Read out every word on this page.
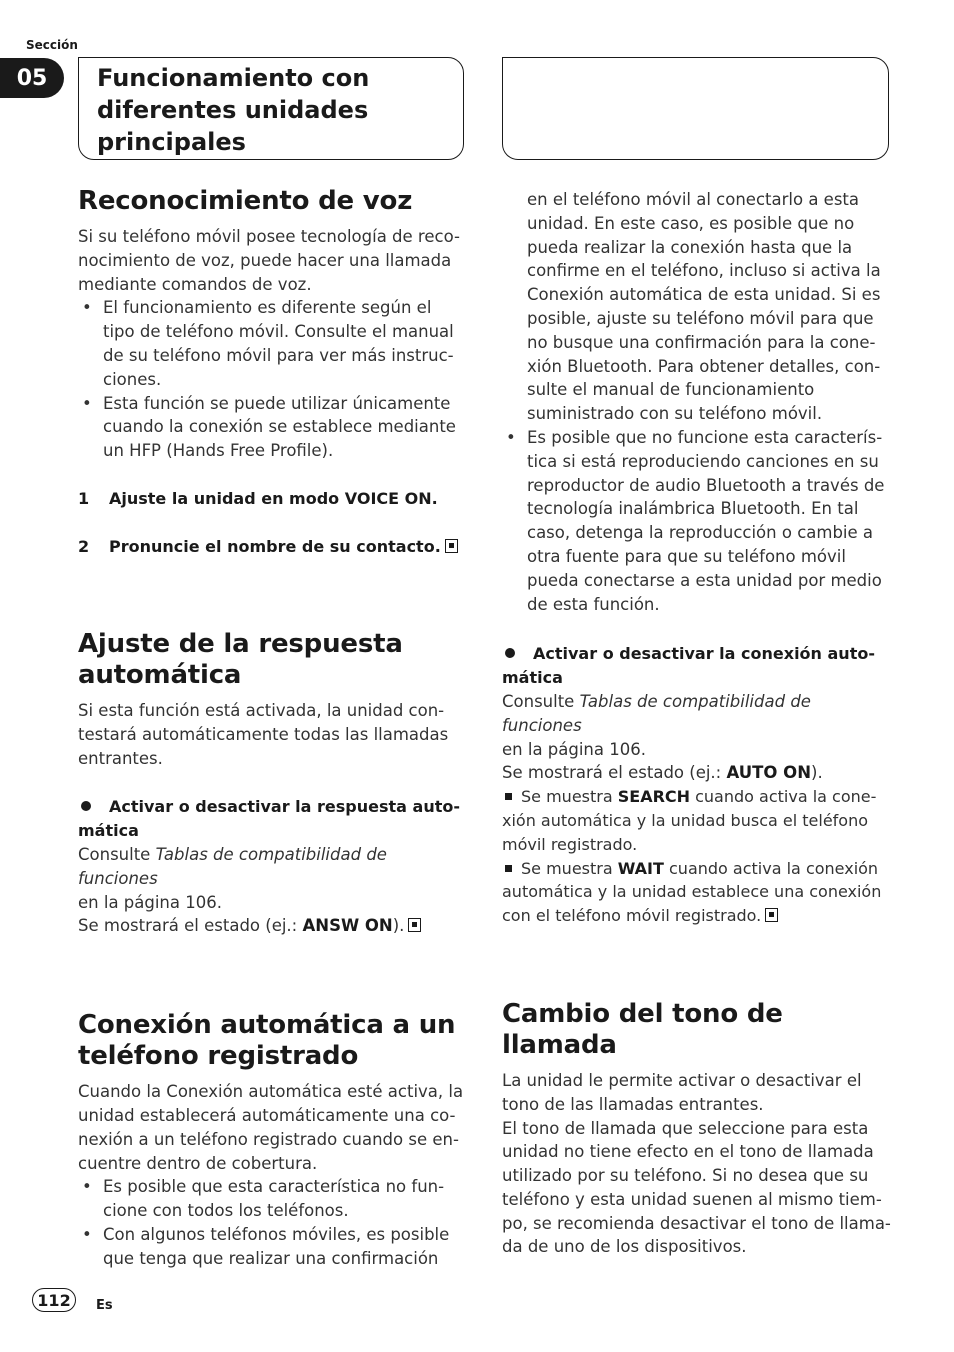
Sección
05	Funcionamiento con
diferentes unidades
principales
Reconocimiento de voz

Si su teléfono móvil posee tecnología de reco-
nocimiento de voz, puede hacer una llamada
mediante comandos de voz.

• El funcionamiento es diferente según el
tipo de teléfono móvil. Consulte el manual
de su teléfono móvil para ver más instruc-
ciones.
• Esta función se puede utilizar únicamente
cuando la conexión se establece mediante
un HFP (Hands Free Profile).
1	Ajuste la unidad en modo VOICE ON.
2	Pronuncie el nombre de su contacto.
Ajuste de la respuesta
automática

Si esta función está activada, la unidad con-
testará automáticamente todas las llamadas
entrantes.

Activar o desactivar la respuesta auto-
mática

Consulte Tablas de compatibilidad de funciones
en la página 106.
Se mostrará el estado (ej.: ANSW ON).

Conexión automática a un
teléfono registrado

Cuando la Conexión automática esté activa, la
unidad establecerá automáticamente una co-
nexión a un teléfono registrado cuando se en-
cuentre dentro de cobertura.

• Es posible que esta característica no fun-
cione con todos los teléfonos.
• Con algunos teléfonos móviles, es posible
que tenga que realizar una confirmación

en el teléfono móvil al conectarlo a esta
unidad. En este caso, es posible que no
pueda realizar la conexión hasta que la
confirme en el teléfono, incluso si activa la
Conexión automática de esta unidad. Si es
posible, ajuste su teléfono móvil para que
no busque una confirmación para la cone-
xión Bluetooth. Para obtener detalles, con-
sulte el manual de funcionamiento
suministrado con su teléfono móvil.

• Es posible que no funcione esta caracterís-
tica si está reproduciendo canciones en su
reproductor de audio Bluetooth a través de
tecnología inalámbrica Bluetooth. En tal
caso, detenga la reproducción o cambie a
otra fuente para que su teléfono móvil
pueda conectarse a esta unidad por medio
de esta función.
Activar o desactivar la conexión auto-
mática

Consulte Tablas de compatibilidad de funciones
en la página 106.
Se mostrará el estado (ej.: AUTO ON).

Se muestra SEARCH cuando activa la cone-
xión automática y la unidad busca el teléfono
móvil registrado.
Se muestra WAIT cuando activa la conexión
automática y la unidad establece una conexión
con el teléfono móvil registrado.
Cambio del tono de llamada

La unidad le permite activar o desactivar el
tono de las llamadas entrantes.
El tono de llamada que seleccione para esta
unidad no tiene efecto en el tono de llamada
utilizado por su teléfono. Si no desea que su
teléfono y esta unidad suenen al mismo tiem-
po, se recomienda desactivar el tono de llama-
da de uno de los dispositivos.

112	Es
